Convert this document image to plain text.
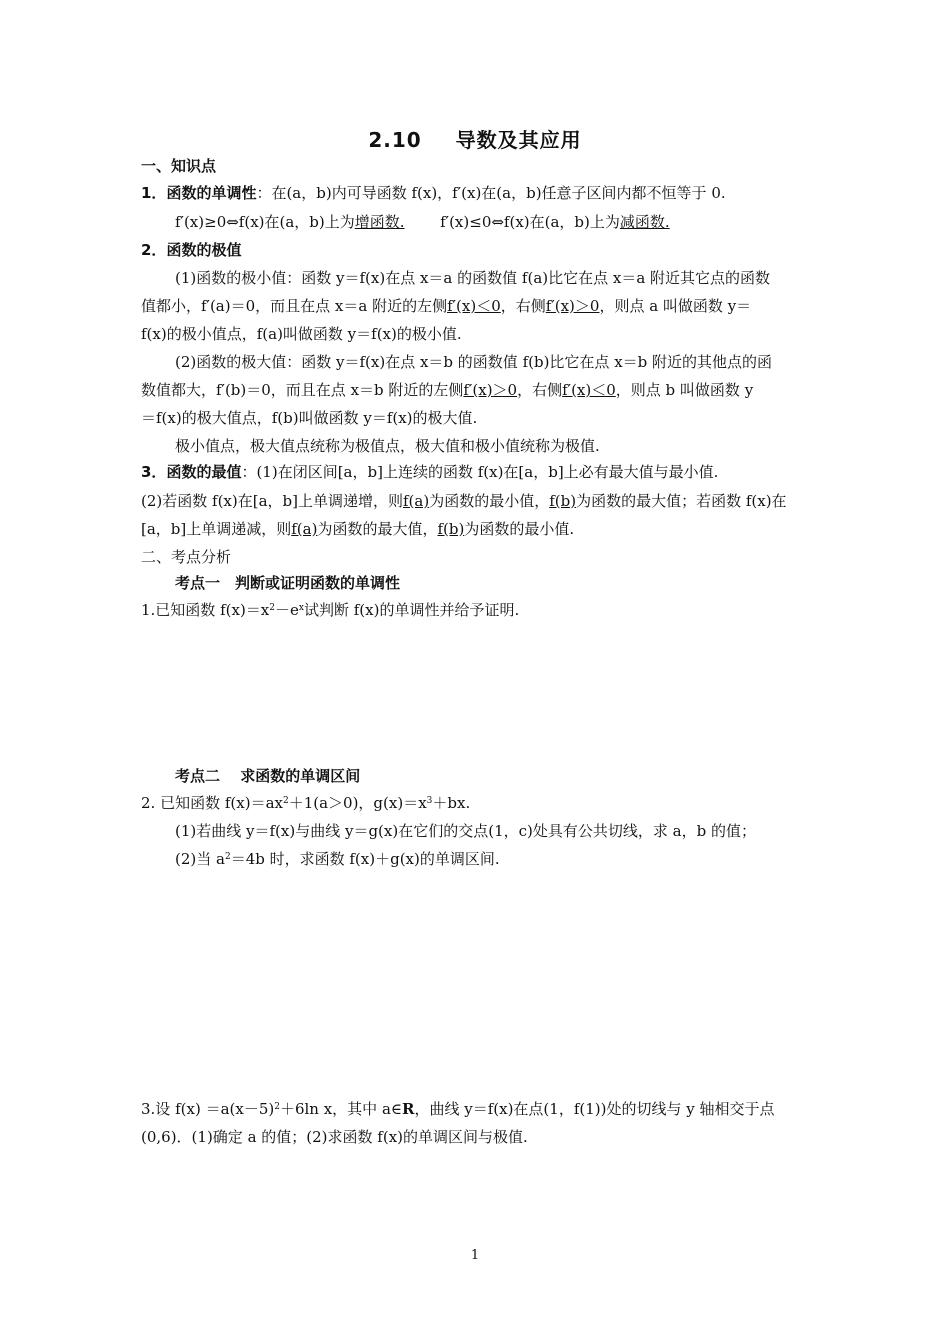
2.10 导数及其应用
一、知识点
1．函数的单调性：在(a，b)内可导函数 f(x)，f′(x)在(a，b)任意子区间内都不恒等于 0.
f′(x)≥0⇔f(x)在(a，b)上为增函数. f′(x)≤0⇔f(x)在(a，b)上为减函数.
2．函数的极值
(1)函数的极小值：函数 y＝f(x)在点 x＝a 的函数值 f(a)比它在点 x＝a 附近其它点的函数
值都小，f′(a)＝0，而且在点 x＝a 附近的左侧f′(x)＜0，右侧f′(x)＞0，则点 a 叫做函数 y＝
f(x)的极小值点，f(a)叫做函数 y＝f(x)的极小值.
(2)函数的极大值：函数 y＝f(x)在点 x＝b 的函数值 f(b)比它在点 x＝b 附近的其他点的函
数值都大，f′(b)＝0，而且在点 x＝b 附近的左侧f′(x)＞0，右侧f′(x)＜0，则点 b 叫做函数 y
＝f(x)的极大值点，f(b)叫做函数 y＝f(x)的极大值.
极小值点，极大值点统称为极值点，极大值和极小值统称为极值.
3．函数的最值：(1)在闭区间[a，b]上连续的函数 f(x)在[a，b]上必有最大值与最小值.
(2)若函数 f(x)在[a，b]上单调递增，则f(a)为函数的最小值，f(b)为函数的最大值；若函数 f(x)在
[a，b]上单调递减，则f(a)为函数的最大值，f(b)为函数的最小值.
二、考点分析
考点一　判断或证明函数的单调性
1.已知函数 $f(x)=x^2-e^x$试判断 f(x)的单调性并给予证明.
考点二　 求函数的单调区间
2. 已知函数 $f(x)=ax^2+1(a>0)$，$g(x)=x^3+bx$.
(1)若曲线 y＝f(x)与曲线 y＝g(x)在它们的交点(1，c)处具有公共切线，求 a，b 的值；
(2)当 $a^2=4b$ 时，求函数 f(x)＋g(x)的单调区间.
3.设 $f(x) =a(x-5)^2+6\ln$ x，其中 a∈R，曲线 y＝f(x)在点(1，f(1))处的切线与 y 轴相交于点
(0,6)．(1)确定 a 的值；(2)求函数 f(x)的单调区间与极值.
1
